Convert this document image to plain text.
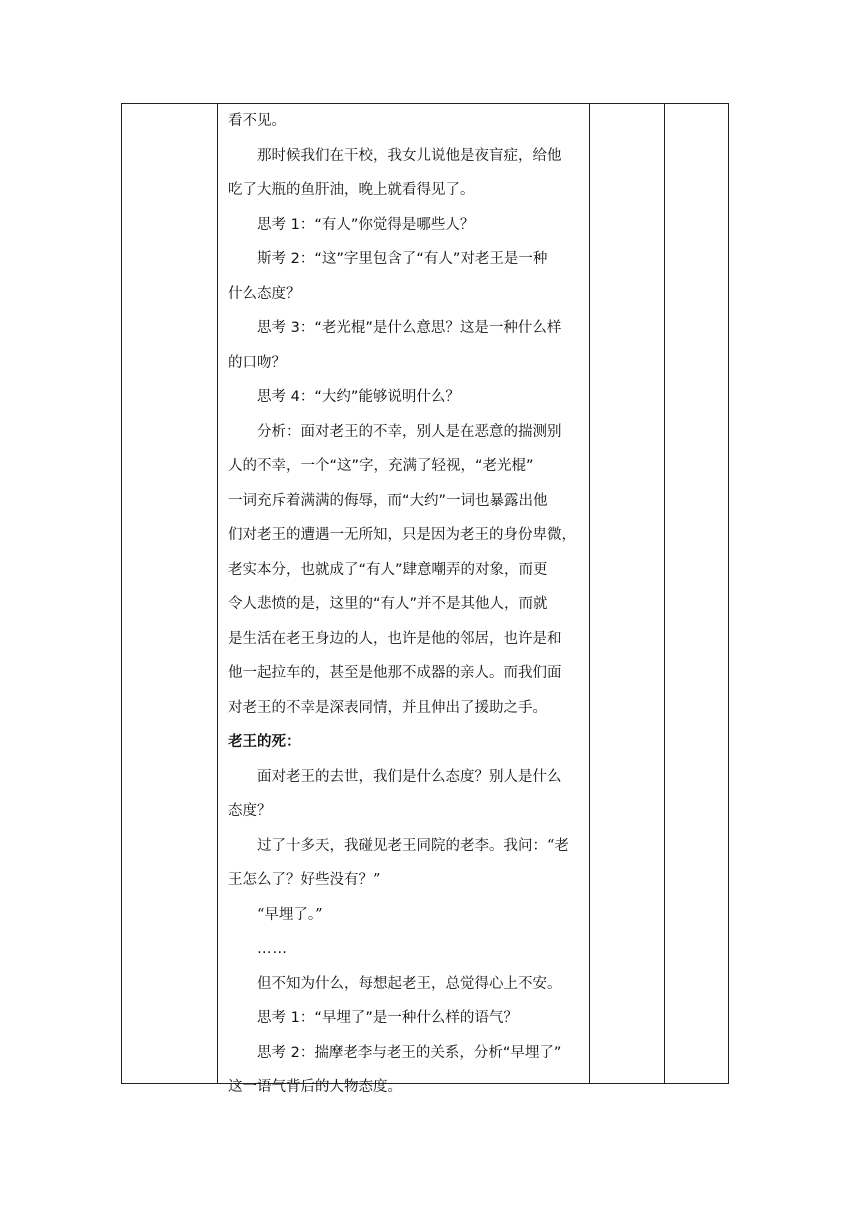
看不见。
那时候我们在干校，我女儿说他是夜盲症，给他
吃了大瓶的鱼肝油，晚上就看得见了。
思考 1：“有人”你觉得是哪些人？
斯考 2：“这”字里包含了“有人”对老王是一种
什么态度？
思考 3：“老光棍”是什么意思？这是一种什么样
的口吻？
思考 4：“大约”能够说明什么？
分析：面对老王的不幸，别人是在恶意的揣测别
人的不幸，一个“这”字，充满了轻视，“老光棍”
一词充斥着满满的侮辱，而“大约”一词也暴露出他
们对老王的遭遇一无所知，只是因为老王的身份卑微，
老实本分，也就成了“有人”肆意嘲弄的对象，而更
令人悲愤的是，这里的“有人”并不是其他人，而就
是生活在老王身边的人，也许是他的邻居，也许是和
他一起拉车的，甚至是他那不成器的亲人。而我们面
对老王的不幸是深表同情，并且伸出了援助之手。
老王的死：
面对老王的去世，我们是什么态度？别人是什么
态度？
过了十多天，我碰见老王同院的老李。我问：“老
王怎么了？好些没有？”
“早埋了。”
……
但不知为什么，每想起老王，总觉得心上不安。
思考 1：“早埋了”是一种什么样的语气？
思考 2：揣摩老李与老王的关系，分析“早埋了”
这一语气背后的人物态度。
